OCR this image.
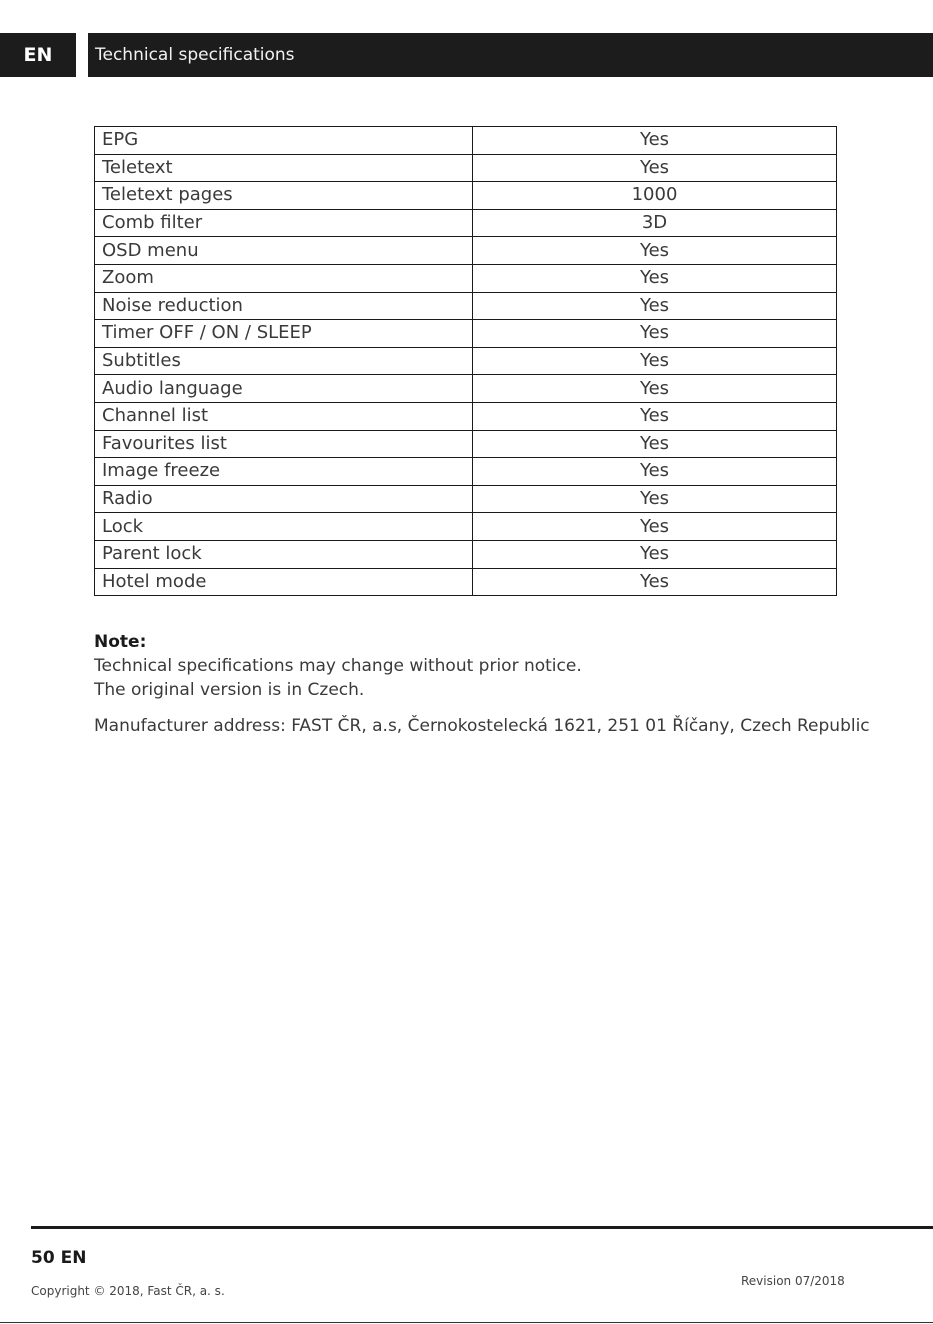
EN	Technical specifications
EPG	Yes
Teletext	Yes
Teletext pages	1000
Comb filter	3D
OSD menu	Yes
Zoom	Yes
Noise reduction	Yes
Timer OFF / ON / SLEEP	Yes
Subtitles	Yes
Audio language	Yes
Channel list	Yes
Favourites list	Yes
Image freeze	Yes
Radio	Yes
Lock	Yes
Parent lock	Yes
Hotel mode	Yes
Note:
Technical specifications may change without prior notice.
The original version is in Czech.
Manufacturer address: FAST ČR, a.s, Černokostelecká 1621, 251 01 Říčany, Czech Republic
50 EN
Copyright © 2018, Fast ČR, a. s.
Revision 07/2018
